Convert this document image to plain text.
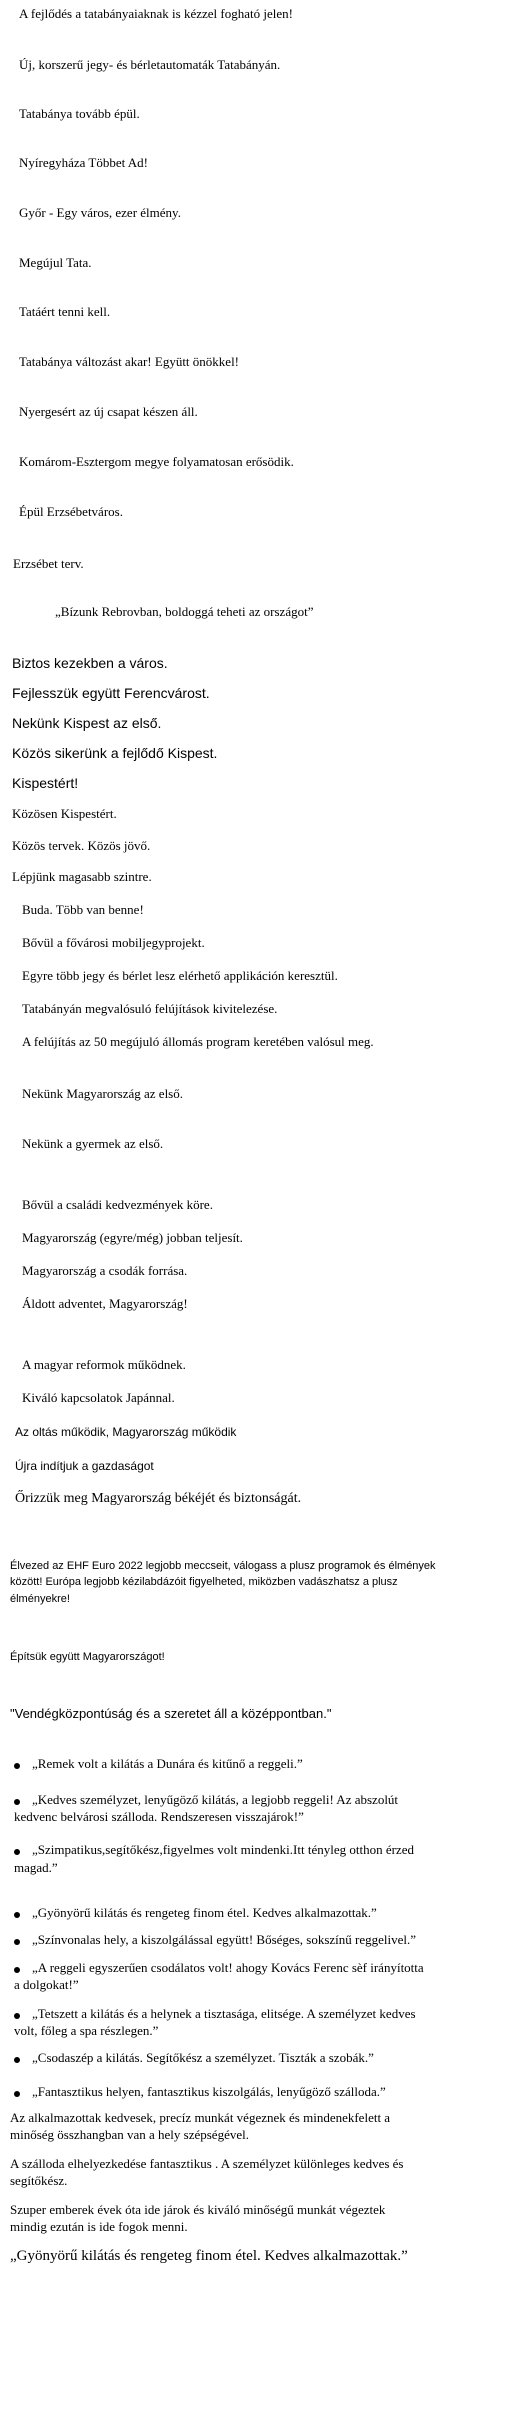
A fejlődés a tatabányaiaknak is kézzel fogható jelen!
Új, korszerű jegy- és bérletautomaták Tatabányán.
Tatabánya tovább épül.
Nyíregyháza Többet Ad!
Győr - Egy város, ezer élmény.
Megújul Tata.
Tatáért tenni kell.
Tatabánya változást akar! Együtt önökkel!
Nyergesért az új csapat készen áll.
Komárom-Esztergom megye folyamatosan erősödik.
Épül Erzsébetváros.
Erzsébet terv.
„Bízunk Rebrovban, boldoggá teheti az országot”
Biztos kezekben a város.
Fejlesszük együtt Ferencvárost.
Nekünk Kispest az első.
Közös sikerünk a fejlődő Kispest.
Kispestért!
Közösen Kispestért.
Közös tervek. Közös jövő.
Lépjünk magasabb szintre.
Buda. Több van benne!
Bővül a fővárosi mobiljegyprojekt.
Egyre több jegy és bérlet lesz elérhető applikáción keresztül.
Tatabányán megvalósuló felújítások kivitelezése.
A felújítás az 50 megújuló állomás program keretében valósul meg.
Nekünk Magyarország az első.
Nekünk a gyermek az első.
Bővül a családi kedvezmények köre.
Magyarország (egyre/még) jobban teljesít.
Magyarország a csodák forrása.
Áldott adventet, Magyarország!
A magyar reformok működnek.
Kiváló kapcsolatok Japánnal.
Az oltás működik, Magyarország működik
Újra indítjuk a gazdaságot
Őrizzük meg Magyarország békéjét és biztonságát.
Élvezed az EHF Euro 2022 legjobb meccseit, válogass a plusz programok és élmények
között! Európa legjobb kézilabdázóit figyelheted, miközben vadászhatsz a plusz
élményekre!
Építsük együtt Magyarországot!
"Vendégközpontúság és a szeretet áll a középpontban."
„Remek volt a kilátás a Dunára és kitűnő a reggeli.”
„Kedves személyzet, lenyűgöző kilátás, a legjobb reggeli! Az abszolút
kedvenc belvárosi szálloda. Rendszeresen visszajárok!”
„Szimpatikus,segítőkész,figyelmes volt mindenki.Itt tényleg otthon érzed
magad.”
„Gyönyörű kilátás és rengeteg finom étel. Kedves alkalmazottak.”
„Színvonalas hely, a kiszolgálással együtt! Bőséges, sokszínű reggelivel.”
„A reggeli egyszerűen csodálatos volt! ahogy Kovács Ferenc sèf irányította
a dolgokat!”
„Tetszett a kilátás és a helynek a tisztasága, elitsége. A személyzet kedves
volt, főleg a spa részlegen.”
„Csodaszép a kilátás. Segítőkész a személyzet. Tiszták a szobák.”
„Fantasztikus helyen, fantasztikus kiszolgálás, lenyűgöző szálloda.”
Az alkalmazottak kedvesek, precíz munkát végeznek és mindenekfelett a
minőség összhangban van a hely szépségével.
A szálloda elhelyezkedése fantasztikus . A személyzet különleges kedves és
segítőkész.
Szuper emberek évek óta ide járok és kiváló minőségű munkát végeztek
mindig ezután is ide fogok menni.
„Gyönyörű kilátás és rengeteg finom étel. Kedves alkalmazottak.”
